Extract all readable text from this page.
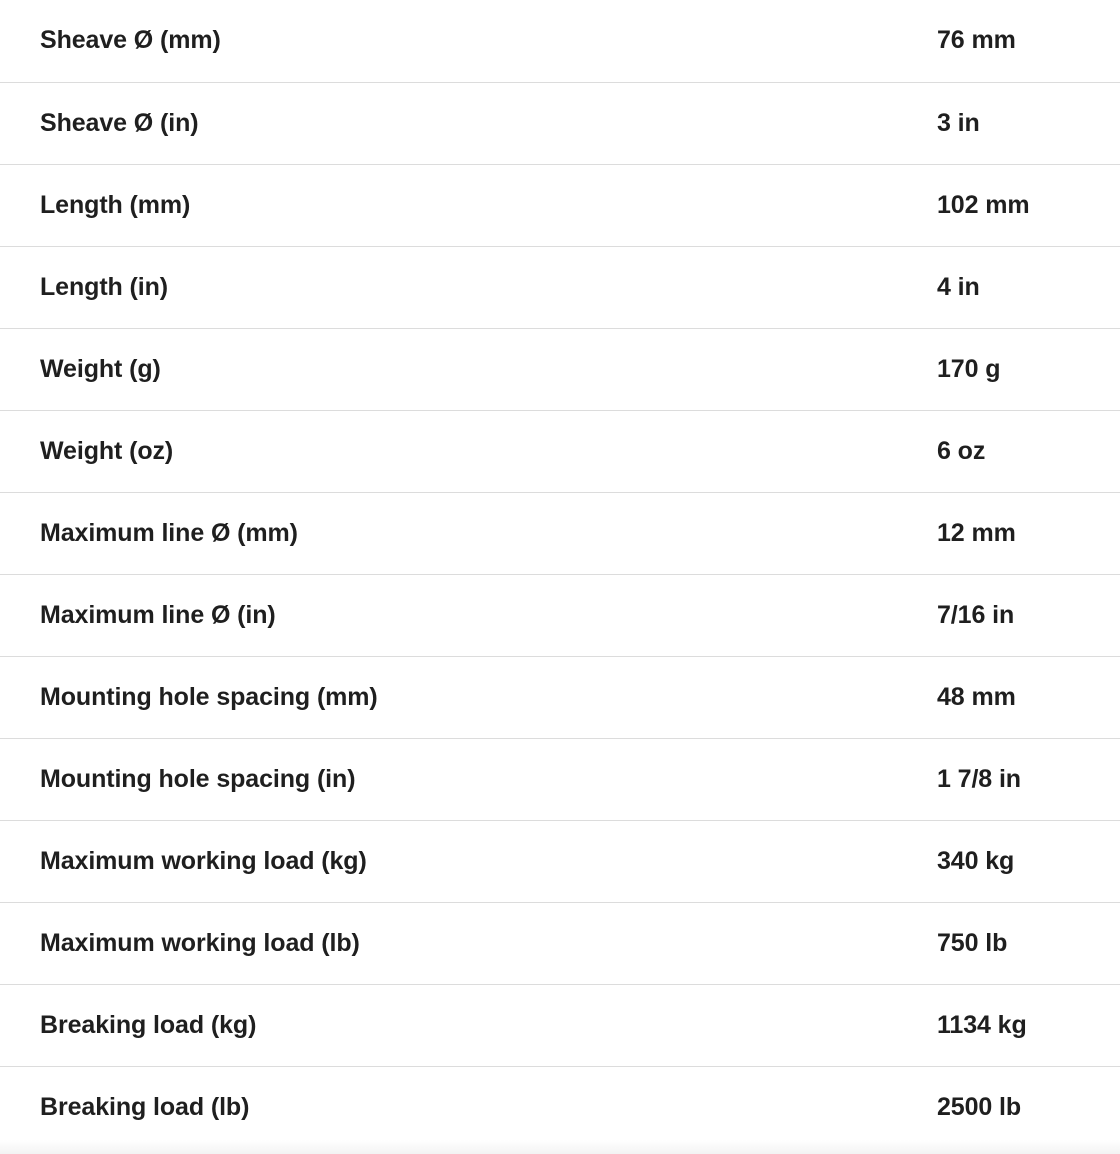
Sheave Ø (mm)	76 mm

Sheave Ø (in)	3 in

Length (mm)	102 mm

Length (in)	4 in

Weight (g)	170 g

Weight (oz)	6 oz

Maximum line Ø (mm)	12 mm

Maximum line Ø (in)	7/16 in

Mounting hole spacing (mm)	48 mm

Mounting hole spacing (in)	1 7/8 in

Maximum working load (kg)	340 kg

Maximum working load (lb)	750 lb

Breaking load (kg)	1134 kg

Breaking load (lb)	2500 lb
